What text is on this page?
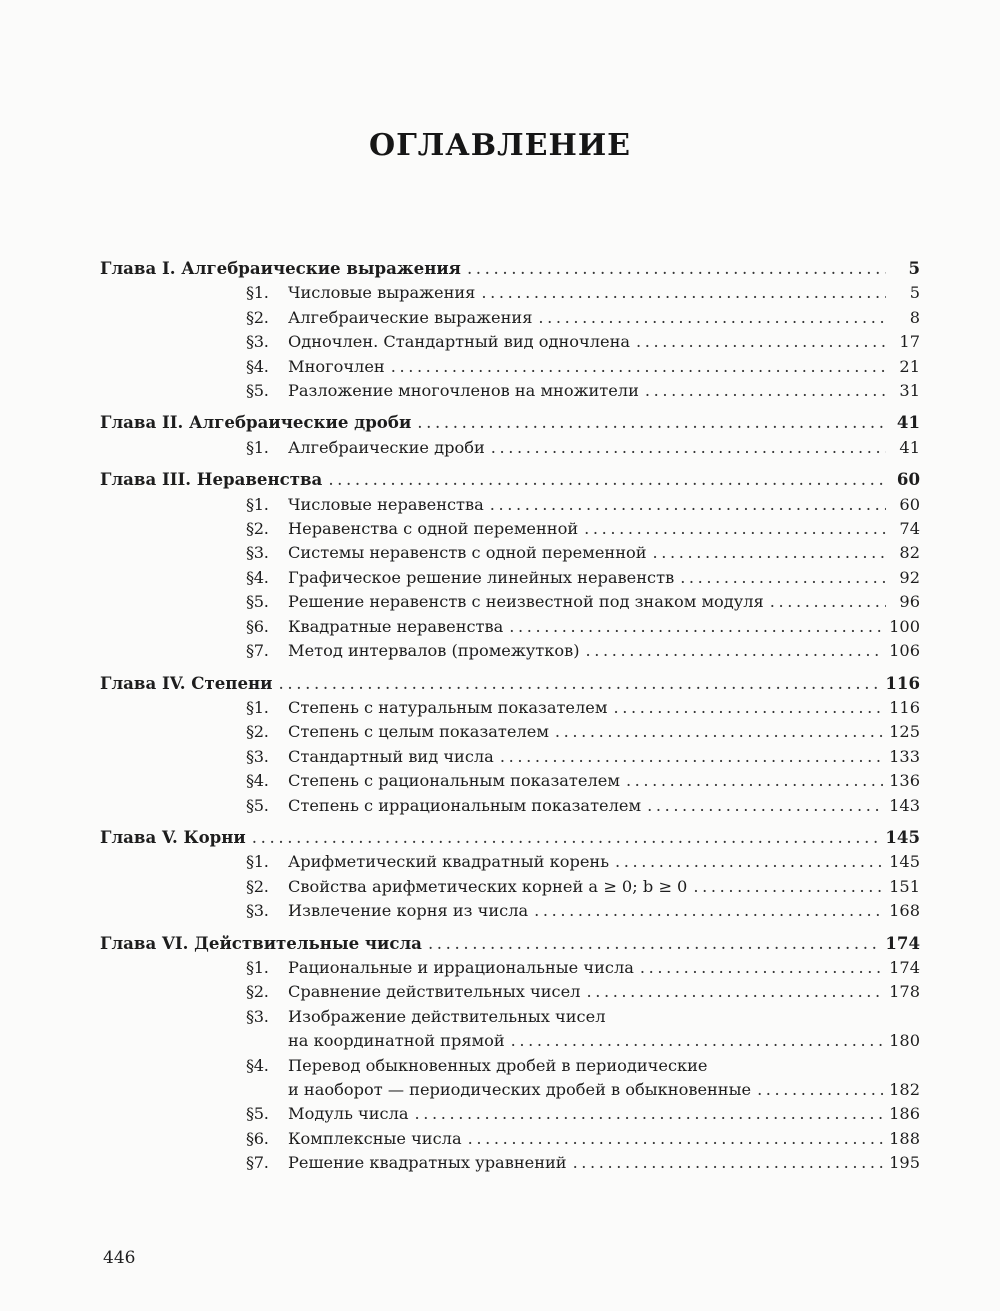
ОГЛАВЛЕНИЕ
Глава I. Алгебраические выражения .....	5
§1.	Числовые выражения .....	5
§2.	Алгебраические выражения .....	8
§3.	Одночлен. Стандартный вид одночлена .....	17
§4.	Многочлен .....	21
§5.	Разложение многочленов на множители .....	31
Глава II. Алгебраические дроби .....	41
§1.	Алгебраические дроби .....	41
Глава III. Неравенства .....	60
§1.	Числовые неравенства .....	60
§2.	Неравенства с одной переменной .....	74
§3.	Системы неравенств с одной переменной .....	82
§4.	Графическое решение линейных неравенств .....	92
§5.	Решение неравенств с неизвестной под знаком модуля .....	96
§6.	Квадратные неравенства .....	100
§7.	Метод интервалов (промежутков) .....	106
Глава IV. Степени .....	116
§1.	Степень с натуральным показателем .....	116
§2.	Степень с целым показателем .....	125
§3.	Стандартный вид числа .....	133
§4.	Степень с рациональным показателем .....	136
§5.	Степень с иррациональным показателем .....	143
Глава V. Корни .....	145
§1.	Арифметический квадратный корень .....	145
§2.	Свойства арифметических корней a ≥ 0; b ≥ 0 .....	151
§3.	Извлечение корня из числа .....	168
Глава VI. Действительные числа .....	174
§1.	Рациональные и иррациональные числа .....	174
§2.	Сравнение действительных чисел .....	178
§3.	Изображение действительных чисел
на координатной прямой .....	180
§4.	Перевод обыкновенных дробей в периодические
и наоборот — периодических дробей в обыкновенные .....	182
§5.	Модуль числа .....	186
§6.	Комплексные числа .....	188
§7.	Решение квадратных уравнений .....	195
446
